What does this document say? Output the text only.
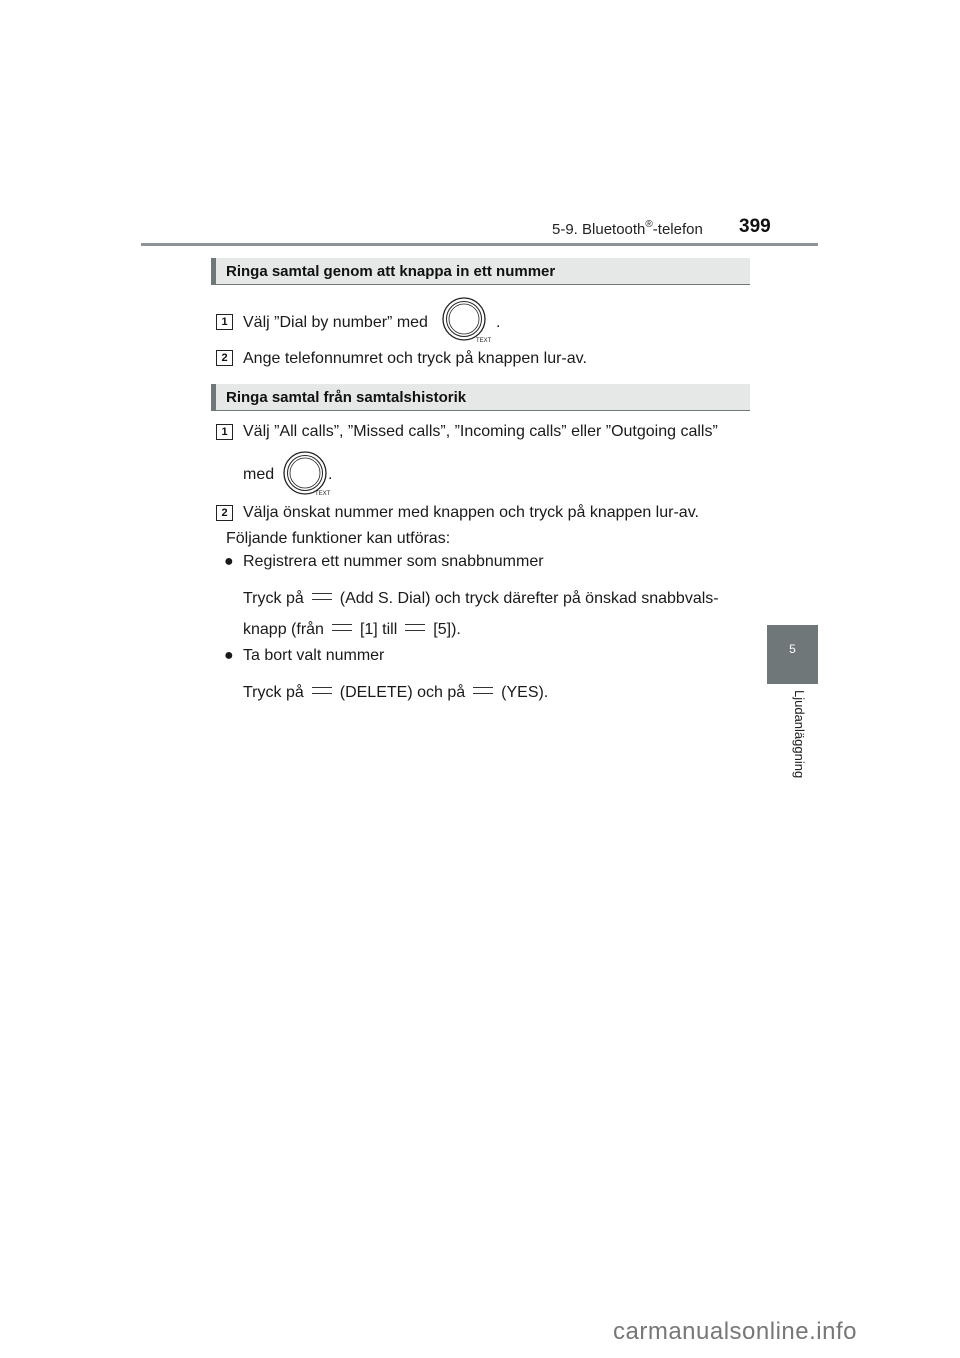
5-9. Bluetooth®-telefon 399
5
Ljudanläggning
Ringa samtal genom att knappa in ett nummer
1 Välj ”Dial by number” med
TEXT
.
2 Ange telefonnumret och tryck på knappen lur-av.
Ringa samtal från samtalshistorik
1 Välj ”All calls”, ”Missed calls”, ”Incoming calls” eller ”Outgoing calls”
med
TEXT
.
2 Välja önskat nummer med knappen och tryck på knappen lur-av.
Följande funktioner kan utföras:
● Registrera ett nummer som snabbnummer
Tryck på (Add S. Dial) och tryck därefter på önskad snabbvals-
knapp (från [1] till [5]).
● Ta bort valt nummer
Tryck på (DELETE) och på (YES).
carmanualsonline.info
